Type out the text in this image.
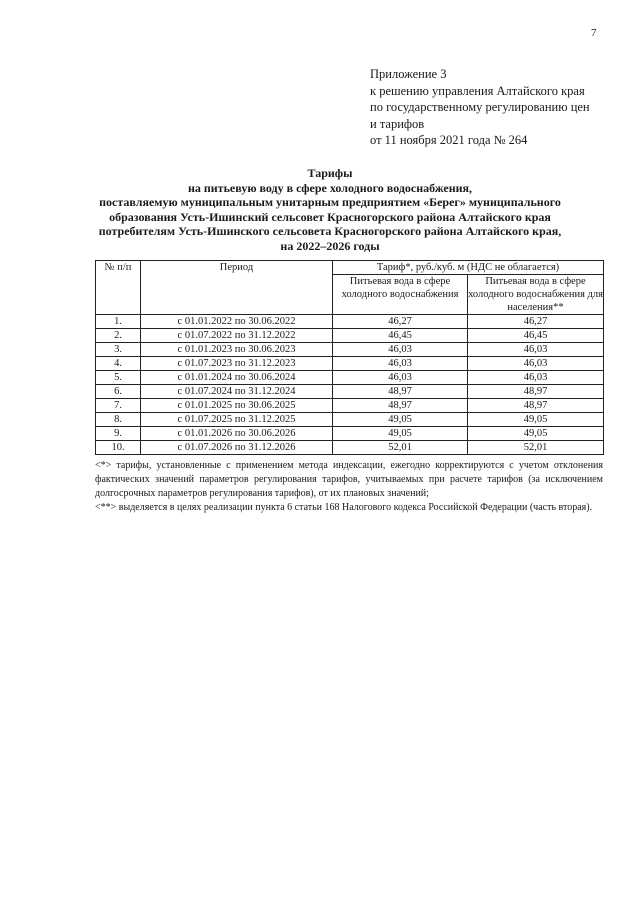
7
Приложение 3
к решению управления Алтайского края
по государственному регулированию цен
и тарифов
от 11 ноября 2021 года № 264
Тарифы
на питьевую воду в сфере холодного водоснабжения,
поставляемую муниципальным унитарным предприятием «Берег» муниципального
образования Усть-Ишинский сельсовет Красногорского района Алтайского края
потребителям Усть-Ишинского сельсовета Красногорского района Алтайского края,
на 2022–2026 годы
№ п/п	Период	Тариф*, руб./куб. м (НДС не облагается)	
		Питьевая вода в сфере холодного водоснабжения	Питьевая вода в сфере холодного водоснабжения для населения**
1.	с 01.01.2022 по 30.06.2022	46,27	46,27
2.	с 01.07.2022 по 31.12.2022	46,45	46,45
3.	с 01.01.2023 по 30.06.2023	46,03	46,03
4.	с 01.07.2023 по 31.12.2023	46,03	46,03
5.	с 01.01.2024 по 30.06.2024	46,03	46,03
6.	с 01.07.2024 по 31.12.2024	48,97	48,97
7.	с 01.01.2025 по 30.06.2025	48,97	48,97
8.	с 01.07.2025 по 31.12.2025	49,05	49,05
9.	с 01.01.2026 по 30.06.2026	49,05	49,05
10.	с 01.07.2026 по 31.12.2026	52,01	52,01

<*> тарифы, установленные с применением метода индексации, ежегодно корректируются с учетом отклонения фактических значений параметров регулирования тарифов, учитываемых при расчете тарифов (за исключением долгосрочных параметров регулирования тарифов), от их плановых значений;

<**> выделяется в целях реализации пункта 6 статьи 168 Налогового кодекса Российской Федерации (часть вторая).
